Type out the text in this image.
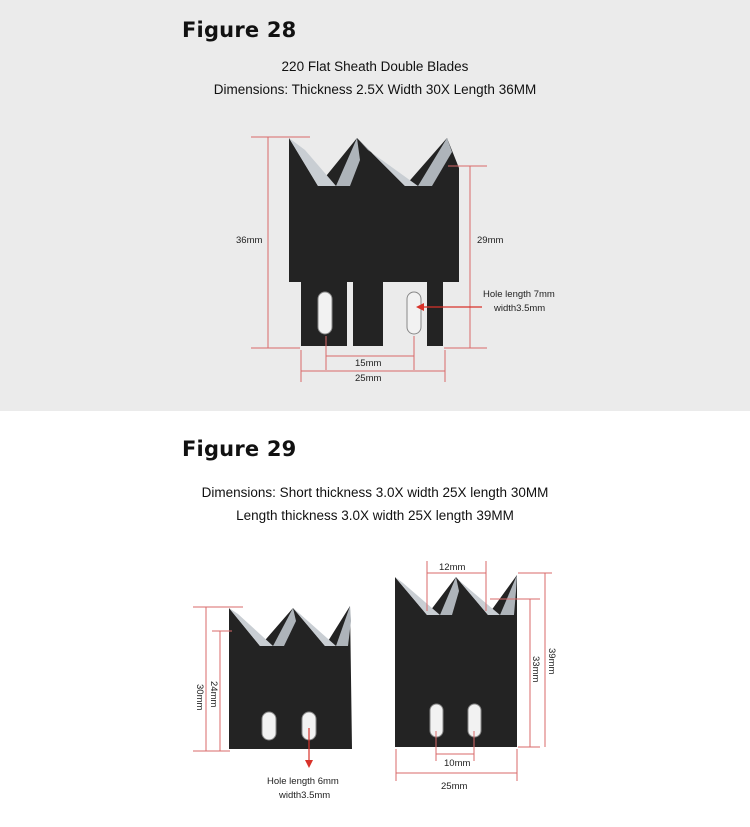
Figure 28
220 Flat Sheath Double Blades
Dimensions: Thickness 2.5X Width 30X Length 36MM
36mm	29mm
Hole length 7mm
width3.5mm
15mm
25mm
Figure 29
Dimensions: Short thickness 3.0X width 25X length 30MM
Length thickness 3.0X width 25X length 39MM
30mm 24mm
Hole length 6mm
width3.5mm
12mm
33mm 39mm
10mm
25mm
